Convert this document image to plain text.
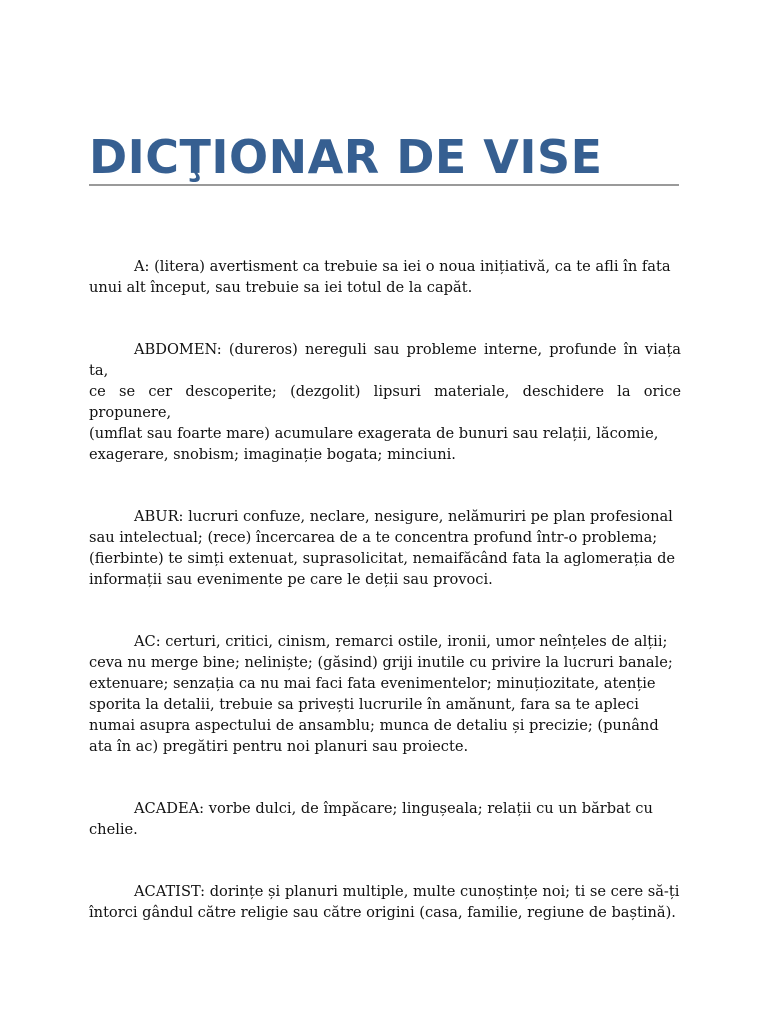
DICŢIONAR DE VISE

A: (litera) avertisment ca trebuie sa iei o noua inițiativă, ca te afli în fata
unui alt început, sau trebuie sa iei totul de la capăt.

ABDOMEN: (dureros) nereguli sau probleme interne, profunde în viața ta,
ce se cer descoperite; (dezgolit) lipsuri materiale, deschidere la orice propunere,
(umflat sau foarte mare) acumulare exagerata de bunuri sau relații, lăcomie,
exagerare, snobism; imaginație bogata; minciuni.

ABUR: lucruri confuze, neclare, nesigure, nelămuriri pe plan profesional
sau intelectual; (rece) încercarea de a te concentra profund într-o problema;
(fierbinte) te simți extenuat, suprasolicitat, nemaifăcând fata la aglomerația de
informații sau evenimente pe care le deții sau provoci.

AC: certuri, critici, cinism, remarci ostile, ironii, umor neînțeles de alții;
ceva nu merge bine; neliniște; (găsind) griji inutile cu privire la lucruri banale;
extenuare; senzația ca nu mai faci fata evenimentelor; minuțiozitate, atenție
sporita la detalii, trebuie sa privești lucrurile în amănunt, fara sa te apleci
numai asupra aspectului de ansamblu; munca de detaliu și precizie; (punând
ata în ac) pregătiri pentru noi planuri sau proiecte.

ACADEA: vorbe dulci, de împăcare; lingușeala; relații cu un bărbat cu
chelie.

ACATIST: dorințe și planuri multiple, multe cunoștințe noi; ti se cere să-ți
întorci gândul către religie sau către origini (casa, familie, regiune de baștină).
